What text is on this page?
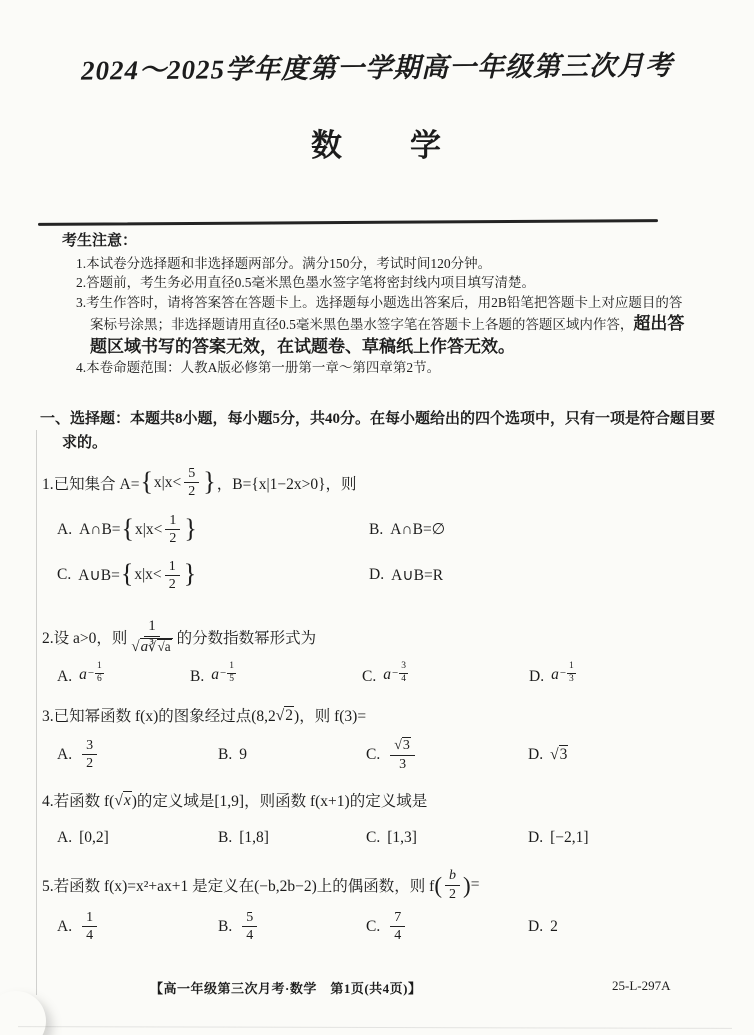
2024～2025学年度第一学期高一年级第三次月考
数　　学
考生注意：
1.本试卷分选择题和非选择题两部分。满分150分，考试时间120分钟。
2.答题前，考生务必用直径0.5毫米黑色墨水签字笔将密封线内项目填写清楚。
3.考生作答时，请将答案答在答题卡上。选择题每小题选出答案后，用2B铅笔把答题卡上对应题目的答案标号涂黑；非选择题请用直径0.5毫米黑色墨水签字笔在答题卡上各题的答题区域内作答，超出答题区域书写的答案无效，在试题卷、草稿纸上作答无效。
4.本卷命题范围：人教A版必修第一册第一章～第四章第2节。
一、选择题：本题共8小题，每小题5分，共40分。在每小题给出的四个选项中，只有一项是符合题目要求的。
1.已知集合 A= { $x|x< \frac{5}{2}$ } ，B={x|1−2x>0}，则
A. A∩B= { $x|x< \frac{1}{2}$ }	B. A∩B=∅
C. A∪B= { $x|x< \frac{1}{2}$ }	D. A∪B=R
2.设 a>0，则 $\frac{1}{√a∛√a}$ 的分数指数幂形式为
A. $a - \frac{1}{6}$	B. $a - \frac{1}{5}$	C. $a - \frac{3}{4}$	D. $a - \frac{1}{3}$
3.已知幂函数 f(x)的图象经过点(8,2 √2 )，则 f(3)=
A. $\frac{3}{2}$	B. 9	C. $\frac{√3}{3}$	D. √3
4.若函数 f( √x )的定义域是[1,9]，则函数 f(x+1)的定义域是
A. [0,2]	B. [1,8]	C. [1,3]	D. [−2,1]
5.若函数 f(x)=x²+ax+1 是定义在(−b,2b−2)上的偶函数，则 f ( $\frac{b}{2}$ ) =
A. $\frac{1}{4}$	B. $\frac{5}{4}$	C. $\frac{7}{4}$	D. 2
【高一年级第三次月考·数学　第1页(共4页)】	25-L-297A
